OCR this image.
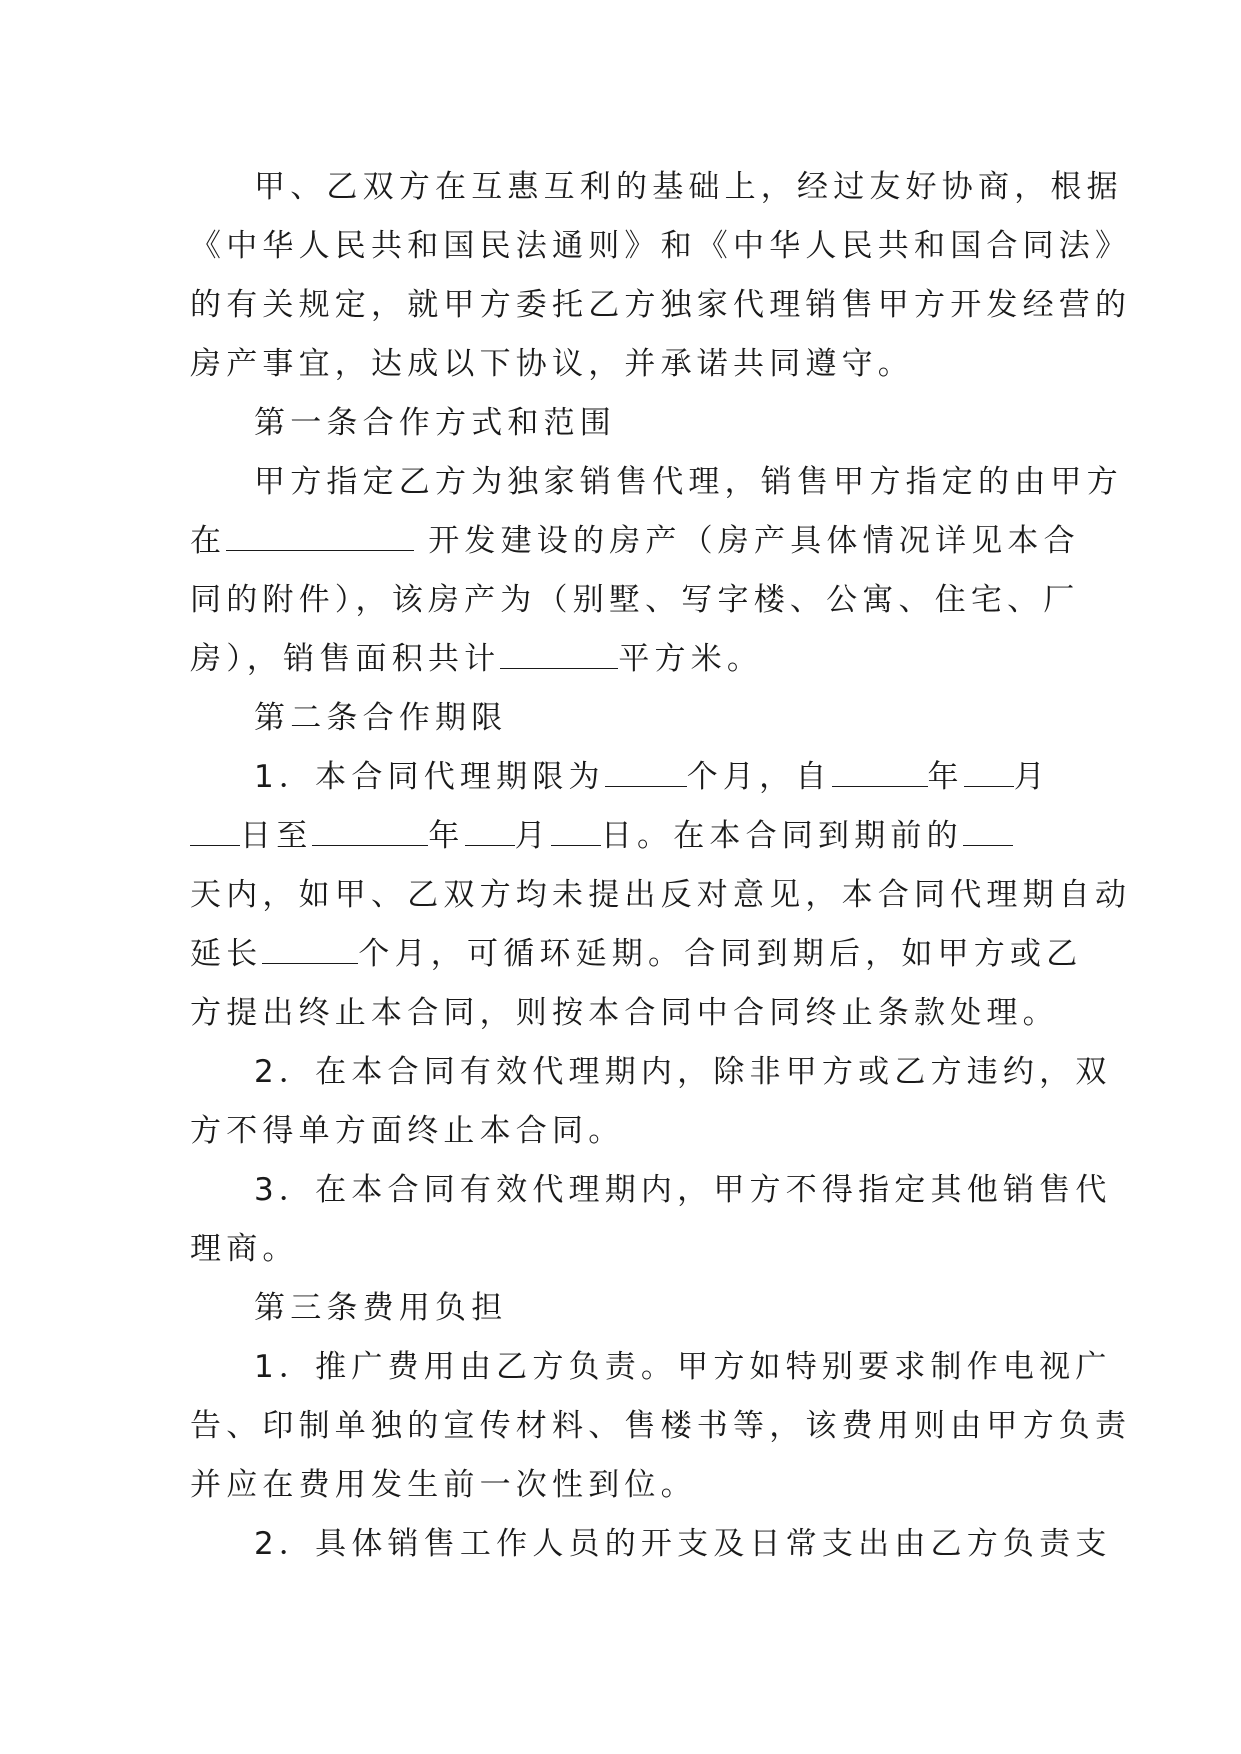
甲、乙双方在互惠互利的基础上，经过友好协商，根据
《中华人民共和国民法通则》和《中华人民共和国合同法》
的有关规定，就甲方委托乙方独家代理销售甲方开发经营的
房产事宜，达成以下协议，并承诺共同遵守。
第一条合作方式和范围
甲方指定乙方为独家销售代理，销售甲方指定的由甲方
在	开发建设的房产（房产具体情况详见本合
同的附件），该房产为（别墅、写字楼、公寓、住宅、厂
房），销售面积共计	平方米。
第二条合作期限
1．本合同代理期限为	个月，自	年 月
日至	年 月 日。在本合同到期前的
天内，如甲、乙双方均未提出反对意见，本合同代理期自动
延长	个月，可循环延期。合同到期后，如甲方或乙
方提出终止本合同，则按本合同中合同终止条款处理。
2．在本合同有效代理期内，除非甲方或乙方违约，双
方不得单方面终止本合同。
3．在本合同有效代理期内，甲方不得指定其他销售代
理商。
第三条费用负担
1．推广费用由乙方负责。甲方如特别要求制作电视广
告、印制单独的宣传材料、售楼书等，该费用则由甲方负责
并应在费用发生前一次性到位。
2．具体销售工作人员的开支及日常支出由乙方负责支
